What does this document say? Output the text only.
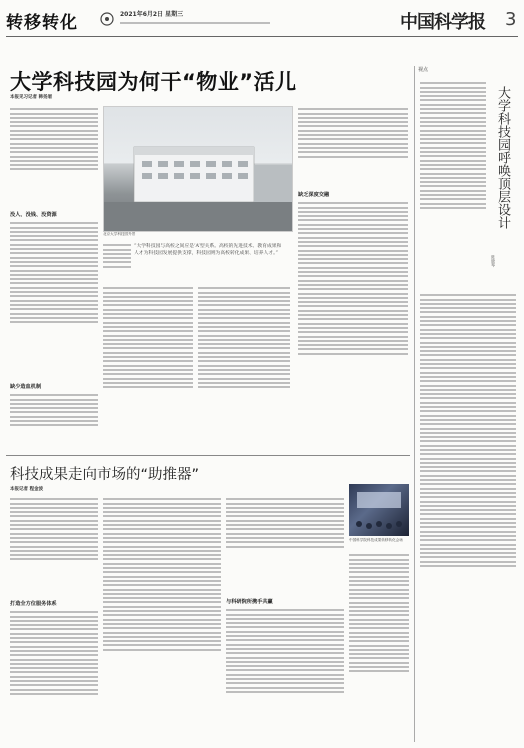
转移转化	2021年6月2日 星期三	中国科学报 3
大学科技园为何干“物业”活儿
本报见习记者 韩扬眉
没人、没钱、没资源
缺少造血机制
北京大学科技园外景
“大学科技园与高校之间应是‘A’型关系。高校的先进技术、教育成果和人才为科技园发展提供支撑，科技园则为高校转化成果、培养人才。”
缺乏深度交融
科技成果走向市场的“助推器”
本报记者 程金波
打造全方位服务体系	与科研院所携手共赢
中国科学院科技成果转移转化会场
视点
大学科技园呼唤顶层设计
陈晓琴
